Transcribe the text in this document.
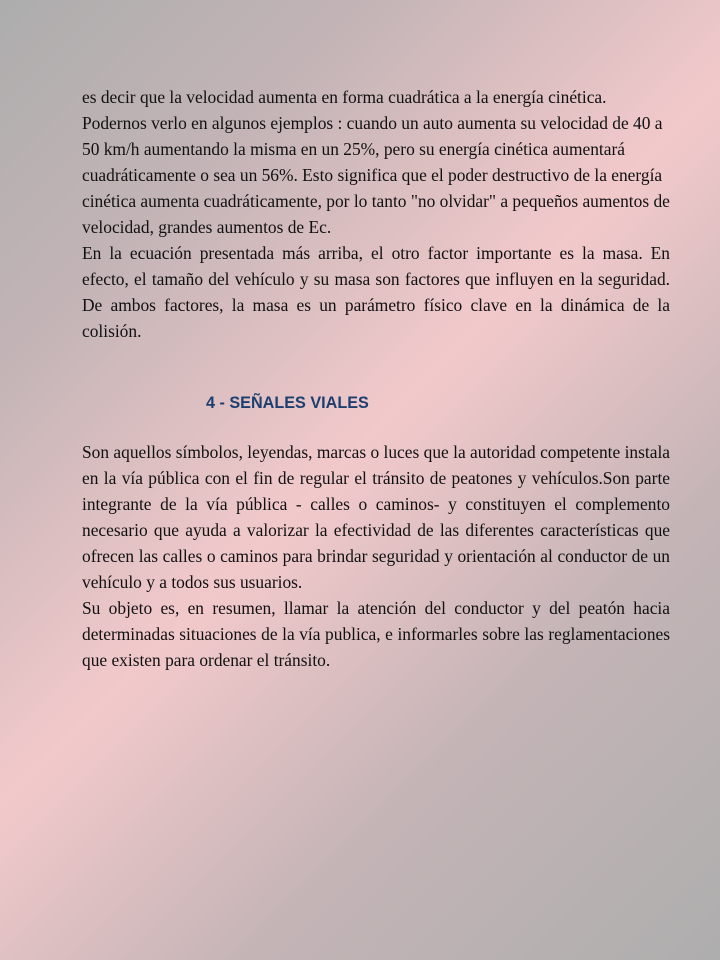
es decir que la velocidad aumenta en forma cuadrática a la energía cinética.

Podernos verlo en algunos ejemplos : cuando un auto aumenta su velocidad de 40 a 50 km/h aumentando la misma en un 25%, pero su energía cinética aumentará cuadráticamente o sea un 56%. Esto significa que el poder destructivo de la energía cinética aumenta cuadráticamente, por lo tanto "no olvidar" a pequeños aumentos de velocidad, grandes aumentos de Ec.

En la ecuación presentada más arriba, el otro factor importante es la masa. En efecto, el tamaño del vehículo y su masa son factores que influyen en la seguridad. De ambos factores, la masa es un parámetro físico clave en la dinámica de la colisión.

4 - SEÑALES VIALES

Son aquellos símbolos, leyendas, marcas o luces que la autoridad competente instala en la vía pública con el fin de regular el tránsito de peatones y vehículos.Son parte integrante de la vía pública - calles o caminos- y constituyen el complemento necesario que ayuda a valorizar la efectividad de las diferentes características que ofrecen las calles o caminos para brindar seguridad y orientación al conductor de un vehículo y a todos sus usuarios.

Su objeto es, en resumen, llamar la atención del conductor y del peatón hacia determinadas situaciones de la vía publica, e informarles sobre las reglamentaciones que existen para ordenar el tránsito.
